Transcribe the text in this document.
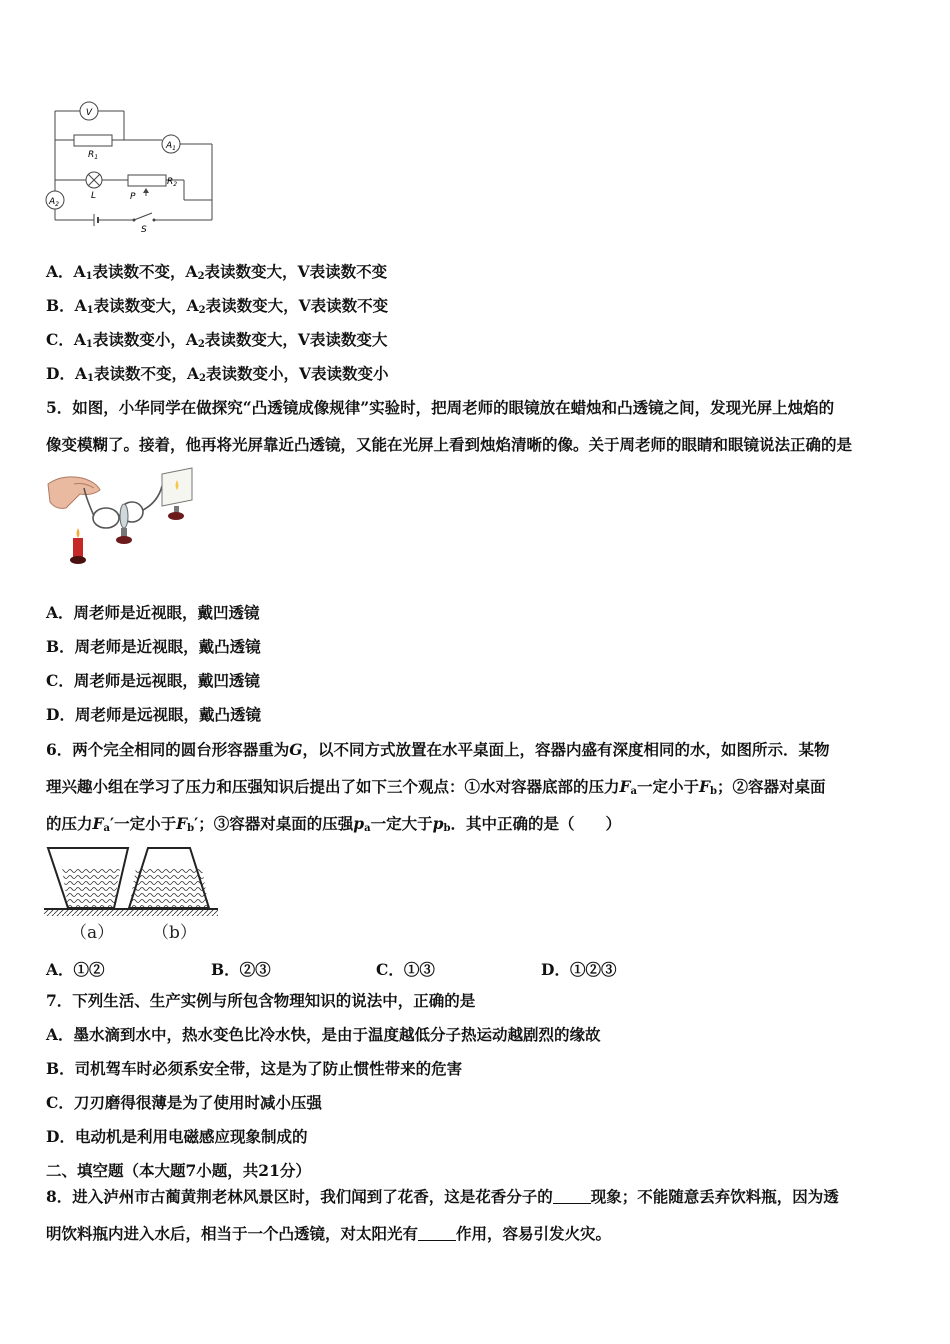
V
$A_1$
$A_2$
$R_1$
$R_2$
L	P
S
A．$A_1$表读数不变，$A_2$表读数变大，V表读数不变
B．$A_1$表读数变大，$A_2$表读数变大，V表读数不变
C．$A_1$表读数变小，$A_2$表读数变大，V表读数变大
D．$A_1$表读数不变，$A_2$表读数变小，V表读数变小
5．如图，小华同学在做探究“凸透镜成像规律”实验时，把周老师的眼镜放在蜡烛和凸透镜之间，发现光屏上烛焰的
像变模糊了。接着，他再将光屏靠近凸透镜，又能在光屏上看到烛焰清晰的像。关于周老师的眼睛和眼镜说法正确的是
A．周老师是近视眼，戴凹透镜
B．周老师是近视眼，戴凸透镜
C．周老师是远视眼，戴凹透镜
D．周老师是远视眼，戴凸透镜
6．两个完全相同的圆台形容器重为G，以不同方式放置在水平桌面上，容器内盛有深度相同的水，如图所示．某物
理兴趣小组在学习了压力和压强知识后提出了如下三个观点：①水对容器底部的压力$F_a$一定小于$F_b$；②容器对桌面
的压力$F_a'$一定小于$F_b'$；③容器对桌面的压强$p_a$一定大于$p_b$．其中正确的是（　　）
（a） （b）
A．①②	B．②③	C．①③	D．①②③
7．下列生活、生产实例与所包含物理知识的说法中，正确的是
A．墨水滴到水中，热水变色比冷水快，是由于温度越低分子热运动越剧烈的缘故
B．司机驾车时必须系安全带，这是为了防止惯性带来的危害
C．刀刃磨得很薄是为了使用时减小压强
D．电动机是利用电磁感应现象制成的
二、填空题（本大题7小题，共21分）
8．进入泸州市古蔺黄荆老林风景区时，我们闻到了花香，这是花香分子的 现象；不能随意丢弃饮料瓶，因为透
明饮料瓶内进入水后，相当于一个凸透镜，对太阳光有 作用，容易引发火灾。
